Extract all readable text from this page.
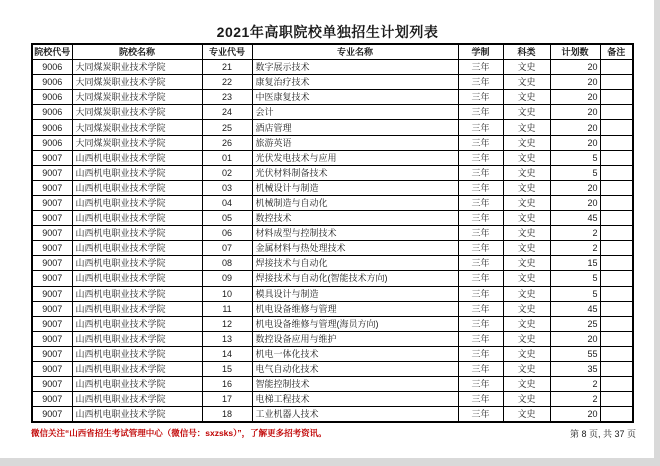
2021年高职院校单独招生计划列表
院校代号	院校名称	专业代号	专业名称	学制	科类	计划数	备注
9006	大同煤炭职业技术学院	21	数字展示技术	三年	文史	20	
9006	大同煤炭职业技术学院	22	康复治疗技术	三年	文史	20	
9006	大同煤炭职业技术学院	23	中医康复技术	三年	文史	20	
9006	大同煤炭职业技术学院	24	会计	三年	文史	20	
9006	大同煤炭职业技术学院	25	酒店管理	三年	文史	20	
9006	大同煤炭职业技术学院	26	旅游英语	三年	文史	20	
9007	山西机电职业技术学院	01	光伏发电技术与应用	三年	文史	5	
9007	山西机电职业技术学院	02	光伏材料制备技术	三年	文史	5	
9007	山西机电职业技术学院	03	机械设计与制造	三年	文史	20	
9007	山西机电职业技术学院	04	机械制造与自动化	三年	文史	20	
9007	山西机电职业技术学院	05	数控技术	三年	文史	45	
9007	山西机电职业技术学院	06	材料成型与控制技术	三年	文史	2	
9007	山西机电职业技术学院	07	金属材料与热处理技术	三年	文史	2	
9007	山西机电职业技术学院	08	焊接技术与自动化	三年	文史	15	
9007	山西机电职业技术学院	09	焊接技术与自动化(智能技术方向)	三年	文史	5	
9007	山西机电职业技术学院	10	模具设计与制造	三年	文史	5	
9007	山西机电职业技术学院	11	机电设备维修与管理	三年	文史	45	
9007	山西机电职业技术学院	12	机电设备维修与管理(海员方向)	三年	文史	25	
9007	山西机电职业技术学院	13	数控设备应用与维护	三年	文史	20	
9007	山西机电职业技术学院	14	机电一体化技术	三年	文史	55	
9007	山西机电职业技术学院	15	电气自动化技术	三年	文史	35	
9007	山西机电职业技术学院	16	智能控制技术	三年	文史	2	
9007	山西机电职业技术学院	17	电梯工程技术	三年	文史	2	
9007	山西机电职业技术学院	18	工业机器人技术	三年	文史	20	
微信关注“山西省招生考试管理中心（微信号：sxzsks）”，了解更多招考资讯。	第 8 页, 共 37 页
